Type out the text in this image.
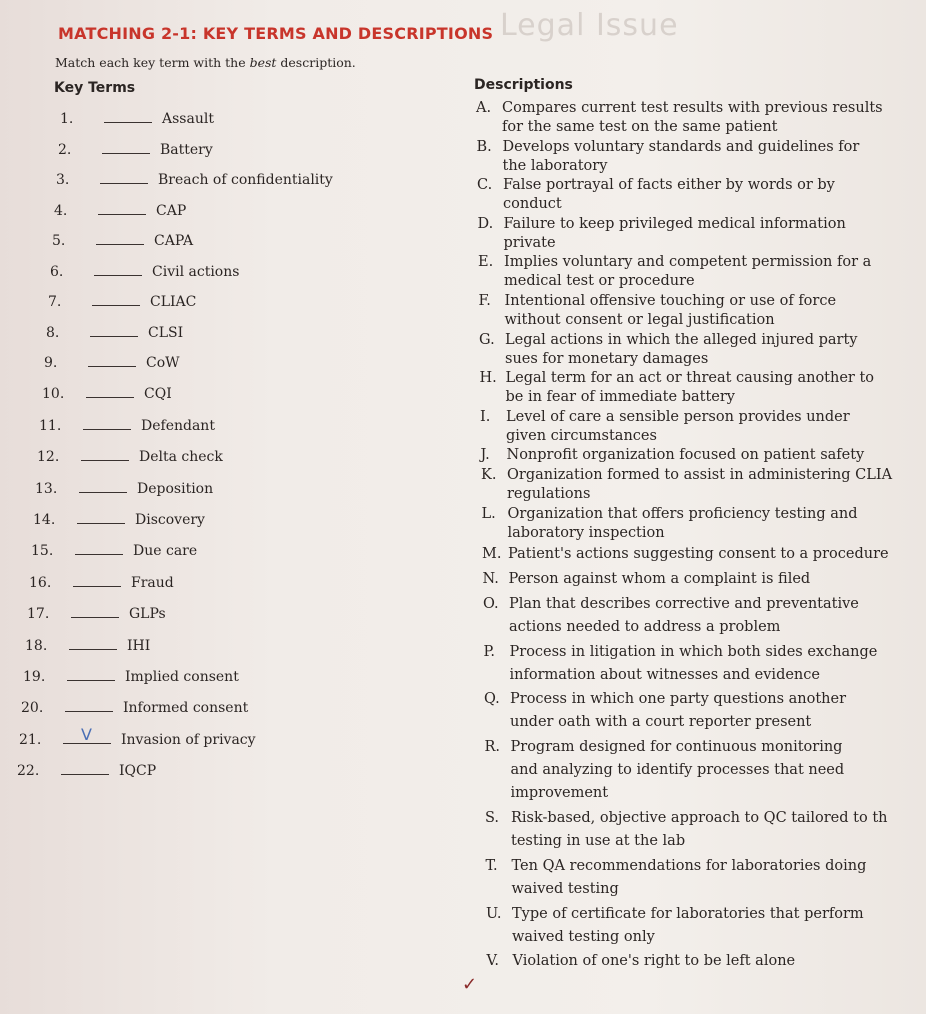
Legal Issue
MATCHING 2-1: KEY TERMS AND DESCRIPTIONS
Match each key term with the best description.
Key Terms	Descriptions
1.	Assault
2.	Battery
3.	Breach of confidentiality
4.	CAP
5.	CAPA
6.	Civil actions
7.	CLIAC
8.	CLSI
9.	CoW
10.	CQI
11.	Defendant
12.	Delta check
13.	Deposition
14.	Discovery
15.	Due care
16.	Fraud
17.	GLPs
18.	IHI
19.	Implied consent
20.	Informed consent
21. V Invasion of privacy
22.	IQCP
A. Compares current test results with previous results
for the same test on the same patient
B. Develops voluntary standards and guidelines for
the laboratory
C. False portrayal of facts either by words or by
conduct
D. Failure to keep privileged medical information
private
E. Implies voluntary and competent permission for a
medical test or procedure
F. Intentional offensive touching or use of force
without consent or legal justification
G. Legal actions in which the alleged injured party
sues for monetary damages
H. Legal term for an act or threat causing another to
be in fear of immediate battery
I. Level of care a sensible person provides under
given circumstances
J. Nonprofit organization focused on patient safety
K. Organization formed to assist in administering CLIA
regulations
L. Organization that offers proficiency testing and
laboratory inspection
M. Patient's actions suggesting consent to a procedure
N. Person against whom a complaint is filed
O. Plan that describes corrective and preventative
actions needed to address a problem
P. Process in litigation in which both sides exchange
information about witnesses and evidence
Q. Process in which one party questions another
under oath with a court reporter present
R. Program designed for continuous monitoring
and analyzing to identify processes that need
improvement
S. Risk-based, objective approach to QC tailored to th
testing in use at the lab
T. Ten QA recommendations for laboratories doing
waived testing
U. Type of certificate for laboratories that perform
waived testing only
V. Violation of one's right to be left alone
✓
